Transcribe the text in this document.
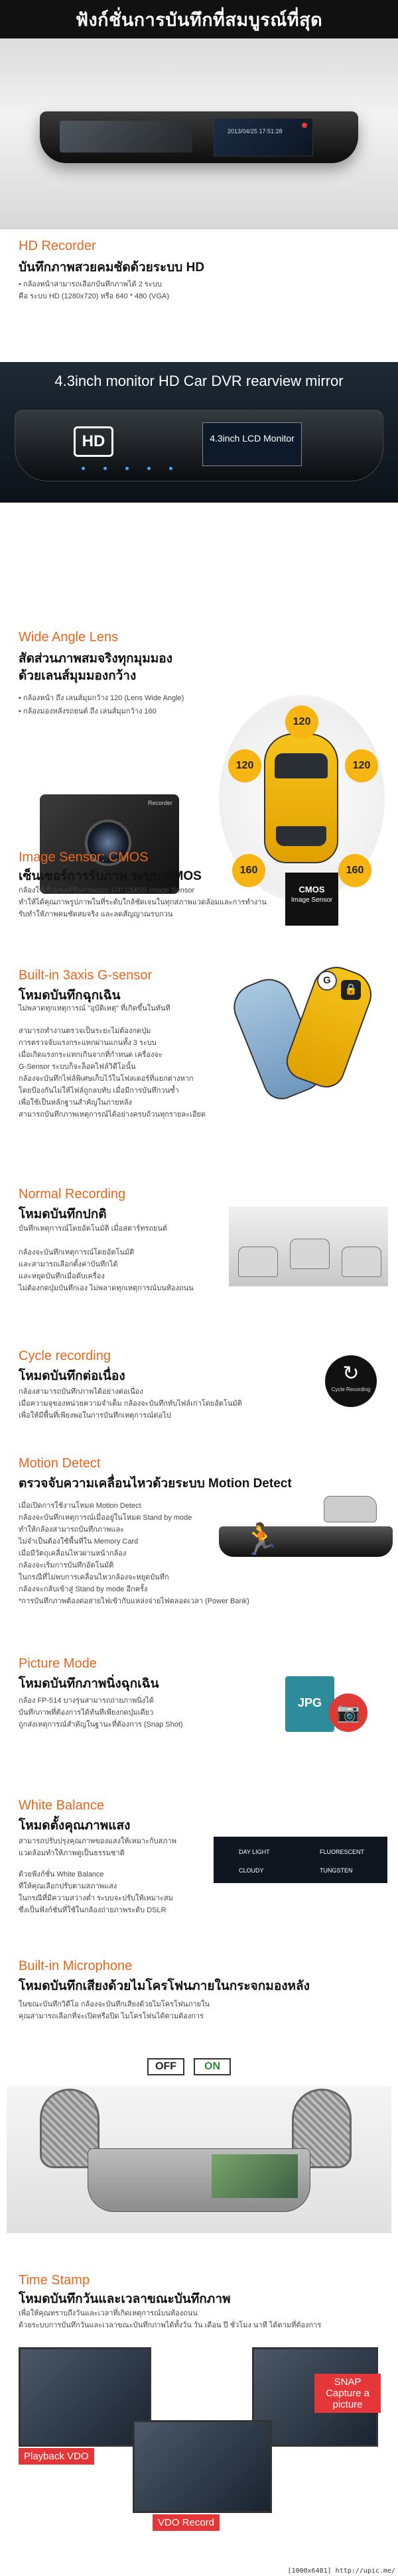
ฟังก์ชั่นการบันทึกที่สมบูรณ์ที่สุด
2013/04/25 17:51:28
HD Recorder
บันทึกภาพสวยคมชัดด้วยระบบ HD
• กล้องหน้าสามารถเลือกบันทึกภาพได้ 2 ระบบ
คือ ระบบ HD (1280x720) หรือ 640 * 480 (VGA)
4.3inch monitor HD Car DVR rearview mirror
HD	4.3inch LCD Monitor
Wide Angle Lens
สัดส่วนภาพสมจริงทุกมุมมอง
ด้วยเลนส์มุมมองกว้าง
• กล้องหน้า ถึง เลนส์มุมกว้าง 120 (Lens Wide Angle)
• กล้องมองหลังรถยนต์ ถึง เลนส์มุมกว้าง 160
Recorder
120
120	120
160	160
Image Sensor: CMOS
เซ็นเซอร์การรับภาพ ระบบ CMOS
กล้องใช้เซ็นเซอร์รับภาพแบบ 1/4" CMOS Image Sensor
ทำให้ได้คุณภาพรูปภาพในที่ระดับใกล้ชัดเจนในทุกสภาพแวดล้อมและการทำงาน
รับทำให้ภาพคมชัดสมจริง และลดสัญญาณรบกวน
CMOS
Image Sensor
Built-in 3axis G-sensor
โหมดบันทึกฉุกเฉิน
ไม่พลาดทุกเหตุการณ์ "อุบัติเหตุ" ที่เกิดขึ้นในทันที
สามารถทำงานตรวจเป็นระยะไม่ต้องกดปุ่ม
การตรวจจับแรงกระแทกผ่านแกนทั้ง 3 ระบบ
เมื่อเกิดแรงกระแทกเกินจากที่กำหนด เครื่องจะ
G-Sensor ระบบก็จะล็อคไฟล์วิดีโอนั้น
กล้องจะบันทึกไฟล์พิเศษเก็บไว้ในโฟลเดอร์ที่แยกต่างหาก
โดยป้องกันไม่ให้ไฟล์ถูกลบทับ เมื่อมีการบันทึกวนซ้ำ
เพื่อใช้เป็นหลักฐานสำคัญในภายหลัง
สามารถบันทึกภาพเหตุการณ์ได้อย่างครบถ้วนทุกรายละเอียด
G
🔒
Normal Recording
โหมดบันทึกปกติ
บันทึกเหตุการณ์โดยอัตโนมัติ เมื่อสตาร์ทรถยนต์
กล้องจะบันทึกเหตุการณ์โดยอัตโนมัติ
และสามารถเลือกตั้งค่าบันทึกได้
และหยุดบันทึกเมื่อดับเครื่อง
ไม่ต้องกดปุ่มบันทึกเอง ไม่พลาดทุกเหตุการณ์บนท้องถนน
Cycle recording
โหมดบันทึกต่อเนื่อง
กล้องสามารถบันทึกภาพได้อย่างต่อเนื่อง
เมื่อความจุของหน่วยความจำเต็ม กล้องจะบันทึกทับไฟล์เก่าโดยอัตโนมัติ
เพื่อให้มีพื้นที่เพียงพอในการบันทึกเหตุการณ์ต่อไป
↻
Cycle Recording
Motion Detect
ตรวจจับความเคลื่อนไหวด้วยระบบ Motion Detect
เมื่อเปิดการใช้งานโหมด Motion Detect
กล้องจะบันทึกเหตุการณ์เมื่ออยู่ในโหมด Stand by mode
ทำให้กล้องสามารถบันทึกภาพและ
ไม่จำเป็นต้องใช้พื้นที่ใน Memory Card
เมื่อมีวัตถุเคลื่อนไหวผ่านหน้ากล้อง
กล้องจะเริ่มการบันทึกอัตโนมัติ
ในกรณีที่ไม่พบการเคลื่อนไหวกล้องจะหยุดบันทึก
กล้องจะกลับเข้าสู่ Stand by mode อีกครั้ง
*การบันทึกภาพต้องต่อสายไฟเข้ากับแหล่งจ่ายไฟตลอดเวลา (Power Bank)
🏃
Picture Mode
โหมดบันทึกภาพนิ่งฉุกเฉิน
กล้อง FP-514 บางรุ่นสามารถถ่ายภาพนิ่งได้
บันทึกภาพที่ต้องการได้ทันทีเพียงกดปุ่มเดียว
ถูกส่งเหตุการณ์สำคัญในฐานะที่ต้องการ (Snap Shot)
JPG 📷
White Balance
โหมดตั้งคุณภาพแสง
สามารถปรับปรุงคุณภาพของแสงให้เหมาะกับสภาพ
แวดล้อมทำให้ภาพดูเป็นธรรมชาติ
ด้วยฟังก์ชั่น White Balance
ที่ให้คุณเลือกปรับตามสภาพแสง
ในกรณีที่มีความสว่างต่ำ ระบบจะปรับให้เหมาะสม
ซึ่งเป็นฟังก์ชั่นที่ใช้ในกล้องถ่ายภาพระดับ DSLR
DAY LIGHT	FLUORESCENT
CLOUDY	TUNGSTEN
Built-in Microphone
โหมดบันทึกเสียงด้วยไมโครโฟนภายในกระจกมองหลัง
ในขณะบันทึกวิดีโอ กล้องจะบันทึกเสียงด้วยไมโครโฟนภายใน
คุณสามารถเลือกที่จะเปิดหรือปิด ไมโครโฟนได้ตามต้องการ
OFF	ON
Time Stamp
โหมดบันทึกวันและเวลาขณะบันทึกภาพ
เพื่อให้คุณทราบถึงวันและเวลาที่เกิดเหตุการณ์บนท้องถนน
ด้วยระบบการบันทึกวันและเวลาขณะบันทึกภาพได้ทั้งวัน วัน เดือน ปี ชั่วโมง นาที ได้ตามที่ต้องการ
Playback VDO
SNAP Capture a picture
VDO Record
[1000x6481] http://upic.me/
